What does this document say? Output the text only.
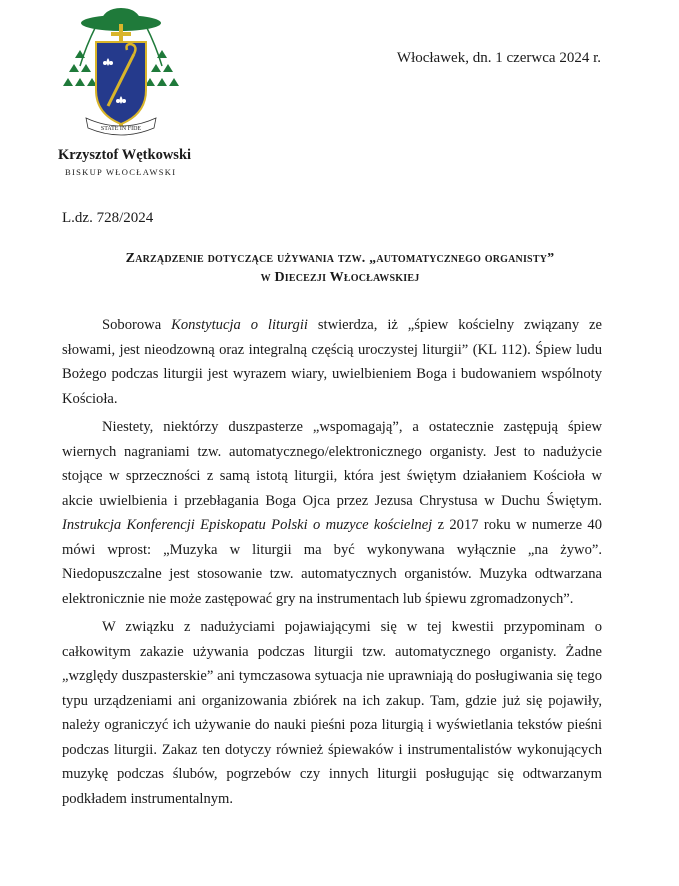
STATE IN FIDE
Krzysztof Wętkowski
BISKUP WŁOCŁAWSKI
Włocławek, dn. 1 czerwca 2024 r.
L.dz. 728/2024
Zarządzenie dotyczące używania tzw. „automatycznego organisty”
w Diecezji Włocławskiej

Soborowa Konstytucja o liturgii stwierdza, iż „śpiew kościelny związany ze słowami, jest nieodzowną oraz integralną częścią uroczystej liturgii” (KL 112). Śpiew ludu Bożego podczas liturgii jest wyrazem wiary, uwielbieniem Boga i budowaniem wspólnoty Kościoła.

Niestety, niektórzy duszpasterze „wspomagają”, a ostatecznie zastępują śpiew wiernych nagraniami tzw. automatycznego/elektronicznego organisty. Jest to nadużycie stojące w sprzeczności z samą istotą liturgii, która jest świętym działaniem Kościoła w akcie uwielbienia i przebłagania Boga Ojca przez Jezusa Chrystusa w Duchu Świętym. Instrukcja Konferencji Episkopatu Polski o muzyce kościelnej z 2017 roku w numerze 40 mówi wprost: „Muzyka w liturgii ma być wykonywana wyłącznie „na żywo”. Niedopuszczalne jest stosowanie tzw. automatycznych organistów. Muzyka odtwarzana elektronicznie nie może zastępować gry na instrumentach lub śpiewu zgromadzonych”.

W związku z nadużyciami pojawiającymi się w tej kwestii przypominam o całkowitym zakazie używania podczas liturgii tzw. automatycznego organisty. Żadne „względy duszpasterskie” ani tymczasowa sytuacja nie uprawniają do posługiwania się tego typu urządzeniami ani organizowania zbiórek na ich zakup. Tam, gdzie już się pojawiły, należy ograniczyć ich używanie do nauki pieśni poza liturgią i wyświetlania tekstów pieśni podczas liturgii. Zakaz ten dotyczy również śpiewaków i instrumentalistów wykonujących muzykę podczas ślubów, pogrzebów czy innych liturgii posługując się odtwarzanym podkładem instrumentalnym.
